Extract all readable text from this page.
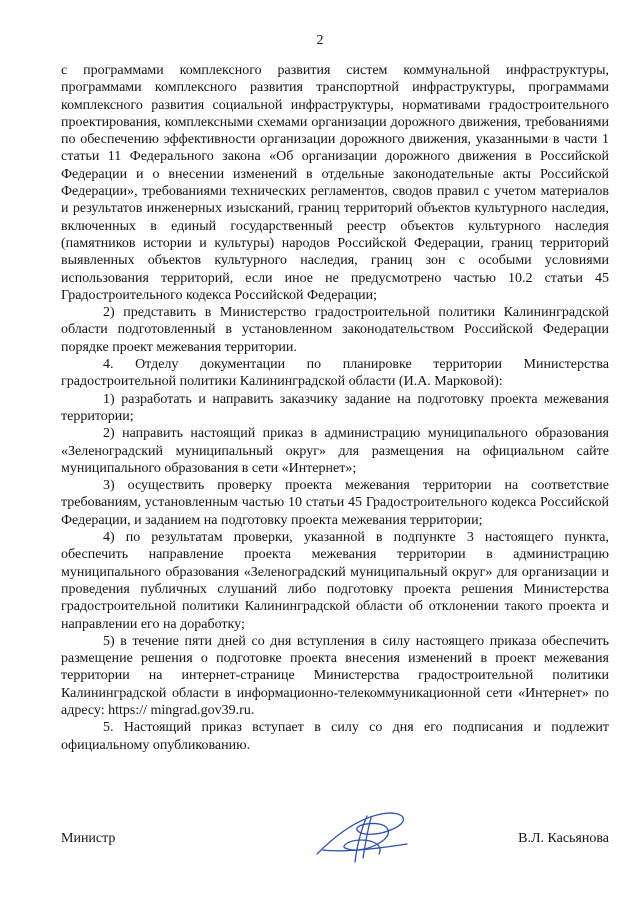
2

с программами комплексного развития систем коммунальной инфраструктуры, программами комплексного развития транспортной инфраструктуры, программами комплексного развития социальной инфраструктуры, нормативами градостроительного проектирования, комплексными схемами организации дорожного движения, требованиями по обеспечению эффективности организации дорожного движения, указанными в части 1 статьи 11 Федерального закона «Об организации дорожного движения в Российской Федерации и о внесении изменений в отдельные законодательные акты Российской Федерации», требованиями технических регламентов, сводов правил с учетом материалов и результатов инженерных изысканий, границ территорий объектов культурного наследия, включенных в единый государственный реестр объектов культурного наследия (памятников истории и культуры) народов Российской Федерации, границ территорий выявленных объектов культурного наследия, границ зон с особыми условиями использования территорий, если иное не предусмотрено частью 10.2 статьи 45 Градостроительного кодекса Российской Федерации;

2) представить в Министерство градостроительной политики Калининградской области подготовленный в установленном законодательством Российской Федерации порядке проект межевания территории.

4. Отделу документации по планировке территории Министерства градостроительной политики Калининградской области (И.А. Марковой):

1) разработать и направить заказчику задание на подготовку проекта межевания территории;

2) направить настоящий приказ в администрацию муниципального образования «Зеленоградский муниципальный округ» для размещения на официальном сайте муниципального образования в сети «Интернет»;

3) осуществить проверку проекта межевания территории на соответствие требованиям, установленным частью 10 статьи 45 Градостроительного кодекса Российской Федерации, и заданием на подготовку проекта межевания территории;

4) по результатам проверки, указанной в подпункте 3 настоящего пункта, обеспечить направление проекта межевания территории в администрацию муниципального образования «Зеленоградский муниципальный округ» для организации и проведения публичных слушаний либо подготовку проекта решения Министерства градостроительной политики Калининградской области об отклонении такого проекта и направлении его на доработку;

5) в течение пяти дней со дня вступления в силу настоящего приказа обеспечить размещение решения о подготовке проекта внесения изменений в проект межевания территории на интернет-странице Министерства градостроительной политики Калининградской области в информационно-телекоммуникационной сети «Интернет» по адресу: https:// mingrad.gov39.ru.

5. Настоящий приказ вступает в силу со дня его подписания и подлежит официальному опубликованию.

Министр	В.Л. Касьянова
